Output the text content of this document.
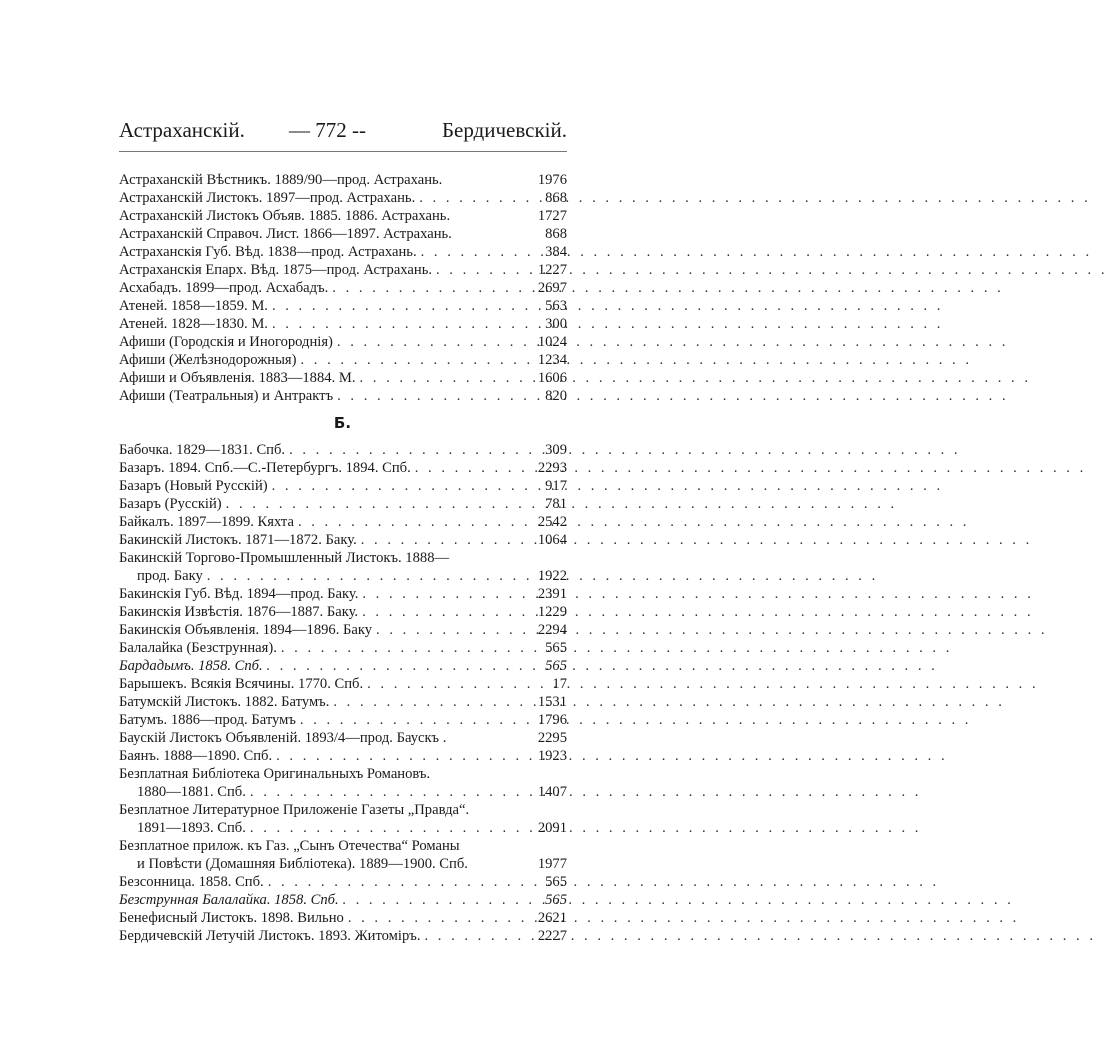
Астраханскій. — 772 --	Бердичевскій.
Астраханскій Вѣстникъ. 1889/90—прод. Астрахань.	1976
Астраханскій Листокъ. 1897—прод. Астрахань. . . .	868
Астраханскій Листокъ Объяв. 1885. 1886. Астрахань.	1727
Астраханскій Справоч. Лист. 1866—1897. Астрахань.	868
Астраханскія Губ. Вѣд. 1838—прод. Астрахань. . . .	384
Астраханскія Епарх. Вѣд. 1875—прод. Астрахань. . . .	1227
Асхабадъ. 1899—прод. Асхабадъ. . . .	2697
Атеней. 1858—1859. М. . . .	563
Атеней. 1828—1830. М. . . .	300
Афиши (Городскія и Иногороднія) . . .	1024
Афиши (Желѣзнодорожныя) . . .	1234
Афиши и Объявленія. 1883—1884. М. . . .	1606
Афиши (Театральныя) и Антрактъ . . .	820
Б.
Бабочка. 1829—1831. Спб. . . .	309
Базаръ. 1894. Спб.—С.-Петербургъ. 1894. Спб. . . .	2293
Базаръ (Новый Русскій) . . .	917
Базаръ (Русскій) . . .	781
Байкалъ. 1897—1899. Кяхта . . .	2542
Бакинскій Листокъ. 1871—1872. Баку. . . .	1064
Бакинскій Торгово-Промышленный Листокъ. 1888—
прод. Баку . . .	1922
Бакинскія Губ. Вѣд. 1894—прод. Баку. . . .	2391
Бакинскія Извѣстія. 1876—1887. Баку. . . .	1229
Бакинскія Объявленія. 1894—1896. Баку . . .	2294
Балалайка (Безструнная). . . .	565
Бардадымъ. 1858. Спб. . . .	565
Барышекъ. Всякія Всячины. 1770. Спб. . . .	17
Батумскій Листокъ. 1882. Батумъ. . . .	1531
Батумъ. 1886—прод. Батумъ . . .	1796
Баускій Листокъ Объявленій. 1893/4—прод. Баускъ .	2295
Баянъ. 1888—1890. Спб. . . .	1923
Безплатная Библіотека Оригинальныхъ Романовъ.
1880—1881. Спб. . . .	1407
Безплатное Литературное Приложеніе Газеты „Правда“.
1891—1893. Спб. . . .	2091
Безплатное прилож. къ Газ. „Сынъ Отечества“ Романы
и Повѣсти (Домашняя Библіотека). 1889—1900. Спб.	1977
Безсонница. 1858. Спб. . . .	565
Безструнная Балалайка. 1858. Спб. . . .	565
Бенефисный Листокъ. 1898. Вильно . . .	2621
Бердичевскій Летучій Листокъ. 1893. Житоміръ. . . .	2227
